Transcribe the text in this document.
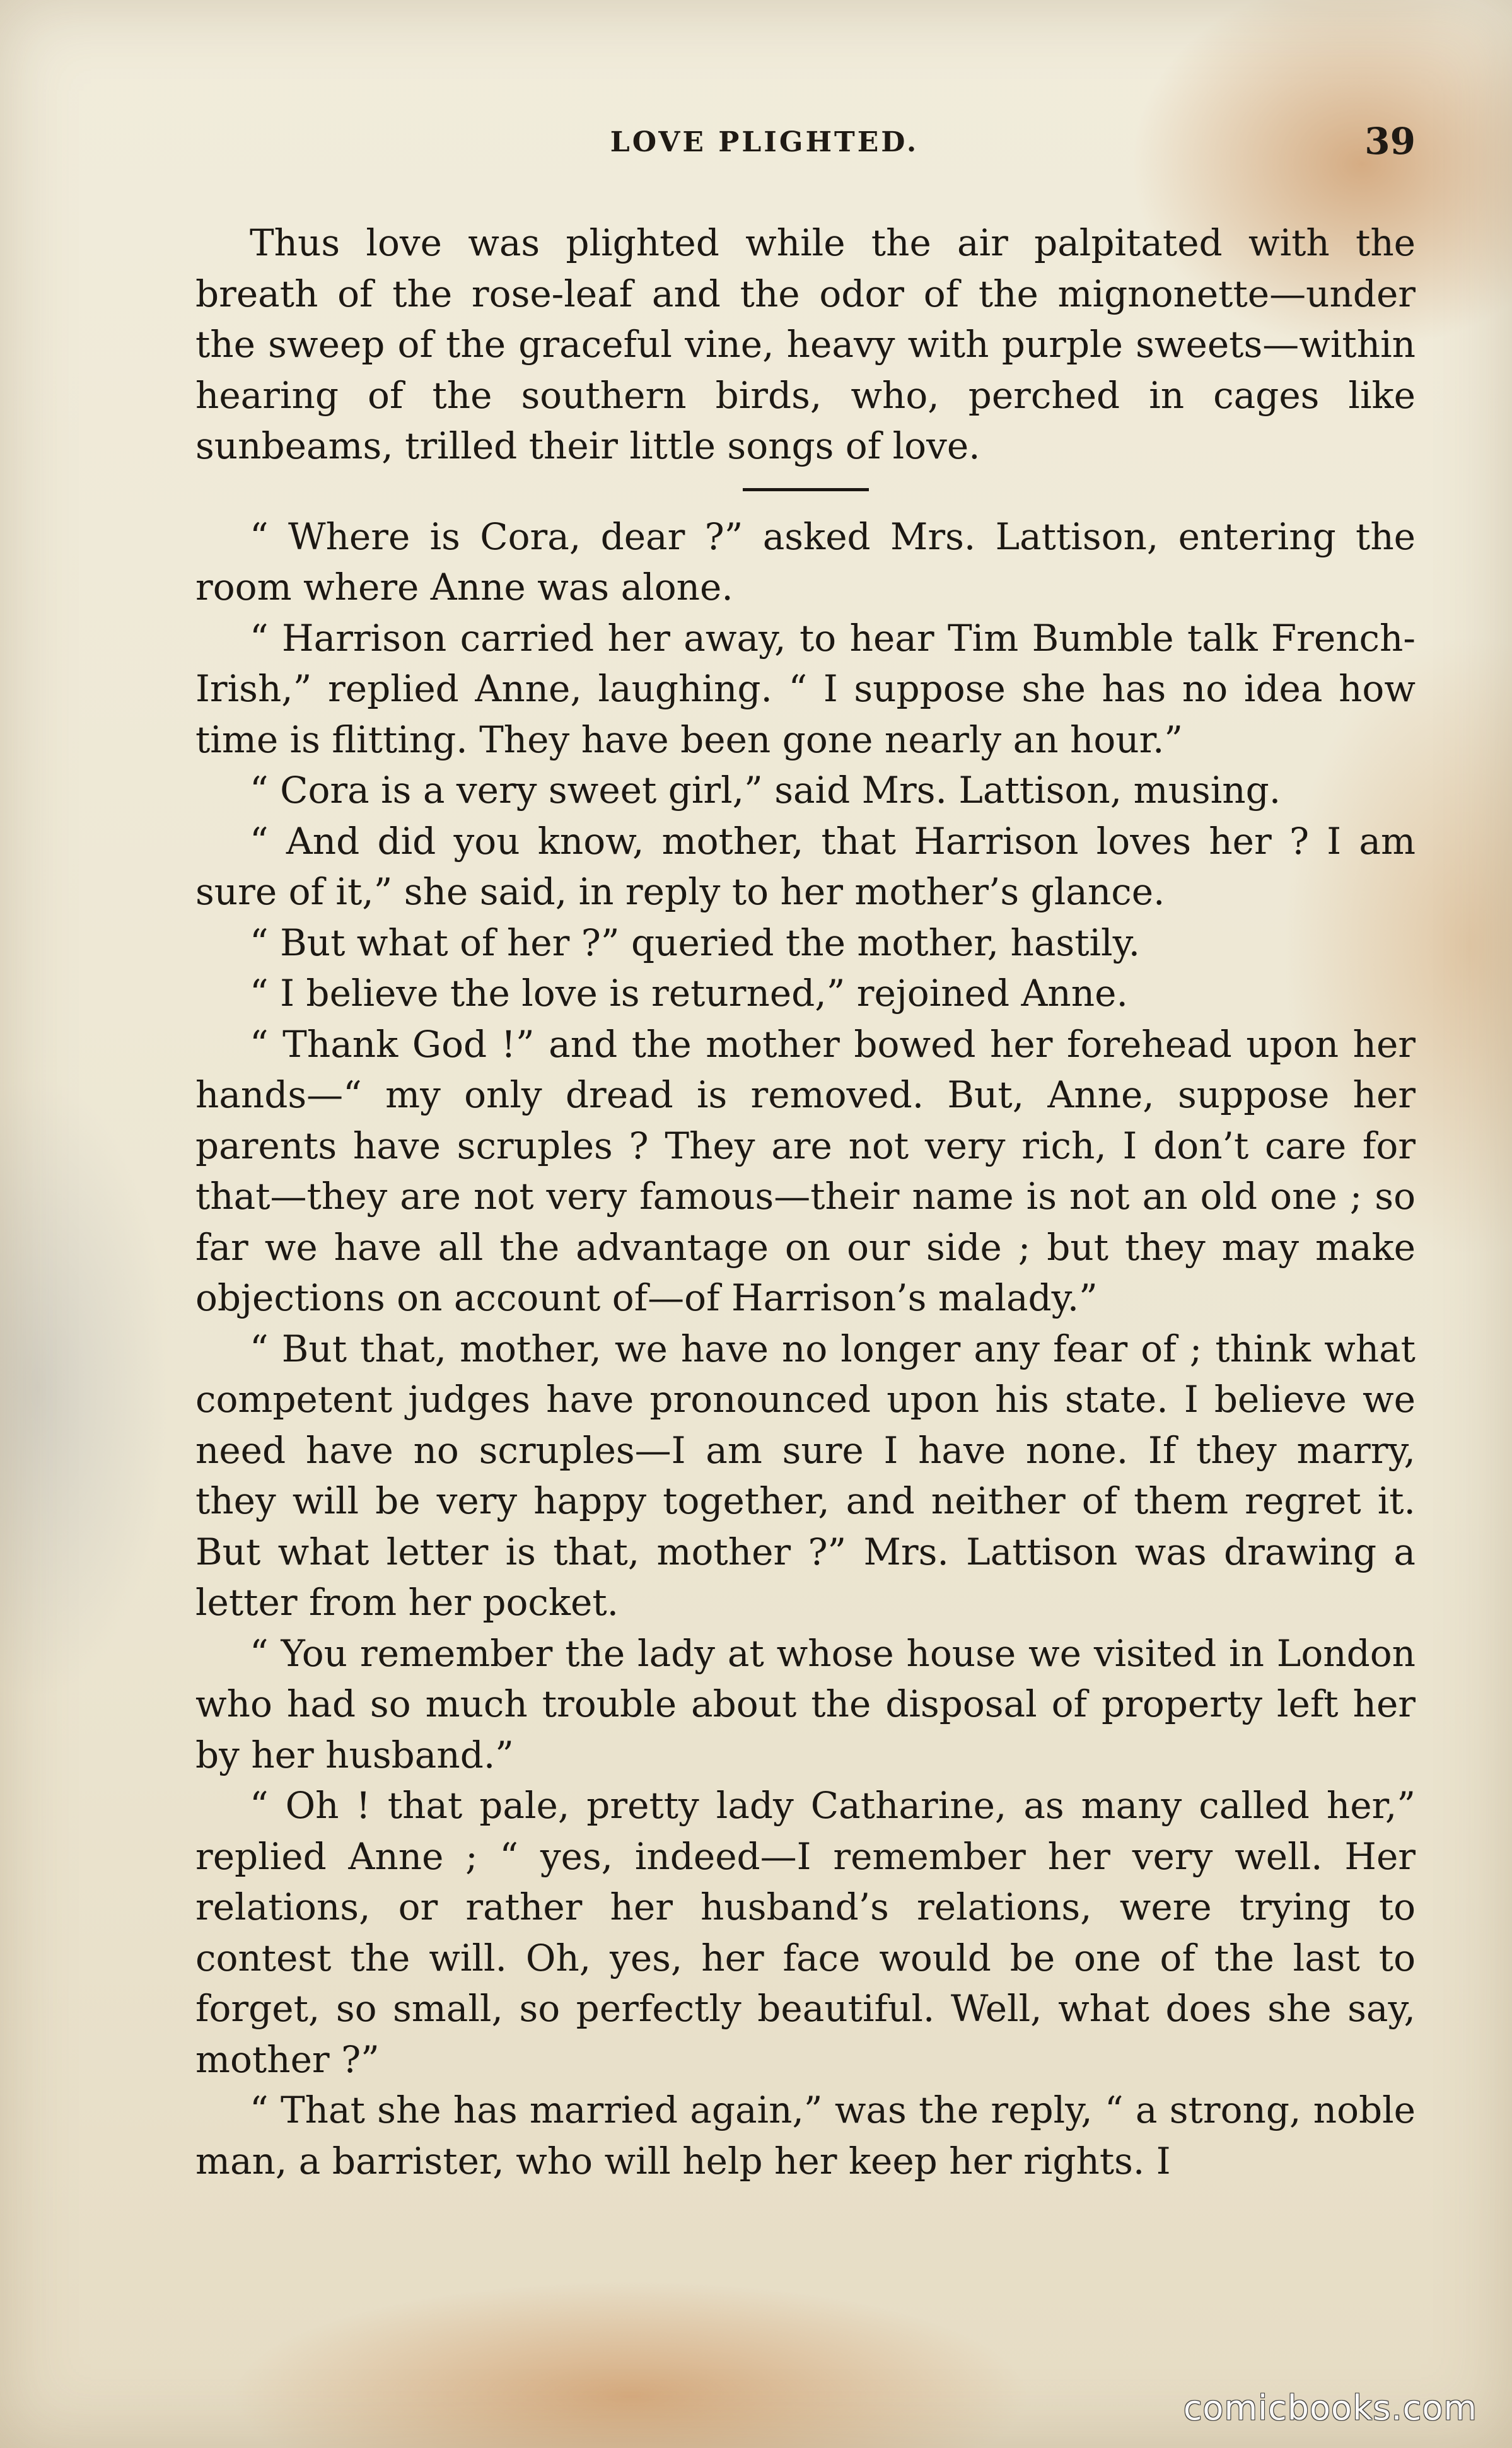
LOVE PLIGHTED.	39

Thus love was plighted while the air palpitated with the breath of the rose-leaf and the odor of the mignonette—under the sweep of the graceful vine, heavy with purple sweets—within hearing of the southern birds, who, perched in cages like sunbeams, trilled their little songs of love.

“ Where is Cora, dear ?” asked Mrs. Lattison, entering the room where Anne was alone.

“ Harrison carried her away, to hear Tim Bumble talk French-Irish,” replied Anne, laughing. “ I suppose she has no idea how time is flitting. They have been gone nearly an hour.”

“ Cora is a very sweet girl,” said Mrs. Lattison, musing.

“ And did you know, mother, that Harrison loves her ? I am sure of it,” she said, in reply to her mother’s glance.

“ But what of her ?” queried the mother, hastily.

“ I believe the love is returned,” rejoined Anne.

“ Thank God !” and the mother bowed her forehead upon her hands—“ my only dread is removed. But, Anne, suppose her parents have scruples ? They are not very rich, I don’t care for that—they are not very famous—their name is not an old one ; so far we have all the advantage on our side ; but they may make objections on account of—of Harrison’s malady.”

“ But that, mother, we have no longer any fear of ; think what competent judges have pronounced upon his state. I believe we need have no scruples—I am sure I have none. If they marry, they will be very happy together, and neither of them regret it. But what letter is that, mother ?” Mrs. Lattison was drawing a letter from her pocket.

“ You remember the lady at whose house we visited in London who had so much trouble about the disposal of property left her by her husband.”

“ Oh ! that pale, pretty lady Catharine, as many called her,” replied Anne ; “ yes, indeed—I remember her very well. Her relations, or rather her husband’s relations, were trying to contest the will. Oh, yes, her face would be one of the last to forget, so small, so perfectly beautiful. Well, what does she say, mother ?”

“ That she has married again,” was the reply, “ a strong, noble man, a barrister, who will help her keep her rights. I

comicbooks.com
